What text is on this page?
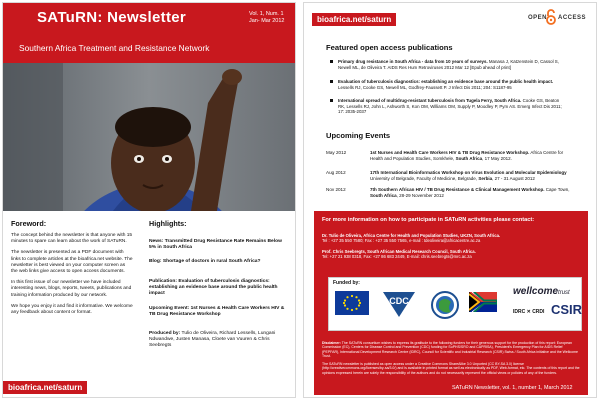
SATuRN: Newsletter	Vol. 1, Num. 1
Jan- Mar 2012
Southern Africa Treatment and Resistance Network
Foreword:

The concept behind the newsletter is that anyone with 15 minutes to spare can learn about the work of SATuRN.

The newsletter is presented as a PDF document with links to complete articles at the bioafrica.net website. The newsletter is best viewed on your computer screen as the web links give access to open access documents.

In this first issue of our newsletter we have included interesting news, blogs, reports, tweets, publications and training information produced by our network.

We hope you enjoy it and find it informative. We welcome any feedback about content or format.

Highlights:
News: Transmitted Drug Resistance Rate Remains Below 5% in South Africa
Blog: Shortage of doctors in rural South Africa?
Publication: Evaluation of tuberculosis diagnostics: establishing an evidence base around the public health impact
Upcoming Event: 1st Nurses & Health Care Workers HIV & TB Drug Resistance Workshop
Produced by: Tulio de Oliveira, Richard Lessells, Lungani Ndwandwe, Justen Manasa, Cloete van Vuuren & Chris Seebregts
bioafrica.net/saturn
bioafrica.net/saturn	OPEN ACCESS
Featured open access publications
Primary drug resistance in South Africa - data from 10 years of surveys. Manasa J, Katzenstein D, Cassol S, Newell ML, de Oliveira T. AIDS Res Hum Retroviruses 2012 Mar 12 [Epub ahead of print]
Evaluation of tuberculosis diagnostics: establishing an evidence base around the public health impact. Lessells RJ, Cooke GS, Newell ML, Godfrey-Faussett P. J Infect Dis 2011; 204: S1187-95
International spread of multidrug-resistant tuberculosis from Tugela Ferry, South Africa. Cooke GS, Beaton RK, Lessells RJ, John L, Ashworth S, Kon OM, Williams OM, Supply P, Moodley P, Pym AS. Emerg Infect Dis 2011; 17: 2035-2037
Upcoming Events
May 2012	1st Nurses and Health Care Workers HIV & TB Drug Resistance Workshop. Africa Centre for Health and Population Studies, Somkhele, South Africa, 17 May 2012.
Aug 2012	17th International Bioinformatics Workshop on Virus Evolution and Molecular Epidemiology University of Belgrade, Faculty of Medicine, Belgrade, Serbia, 27 - 31 August 2012
Nov 2012	7th Southern African HIV / TB Drug Resistance & Clinical Management Workshop. Cape Town, South Africa, 28-29 November 2012
For more information on how to participate in SATuRN activities please contact:
Dr. Tulio de Oliveira, Africa Centre for Health and Population Studies, UKZN, South Africa.
Tel : +27 35 550 7580; Fax : +27 35 550 7565, e-mail : tdeoliveira@africacentre.ac.za
Prof. Chris Seebregts, South African Medical Research Council, South Africa.
Tel: +27 21 938 0318, Fax: +27 86 683 2449, E-mail: chris.seebregts@mrc.ac.za
Funded by:
CDC
wellcometrust
IDRC ✕ CRDI CSIR
Disclaimer: The SATuRN consortium wishes to express its gratitude to the following funders for their generous support for the production of this report: European Commission (EC), Centers for Disease Control and Prevention (CDC) funding for SuPHS/SRO and CAPRISA), President's Emergency Plan for AIDS Relief (PEPFAR), International Development Research Centre (IDRC), Council for Scientific and Industrial Research (CSIR) Swiss / South Africa initiative and the Wellcome Trust.
The SATuRN newsletter is published as open access under a Creative Commons ShareAlike 3.0 Unported (CC BY-SA 3.0) license (http://creativecommons.org/licenses/by-sa/3.0/) and is available in printed format as well as electronically as PDF, Web-format, etc. The contents of this report and the opinions expressed herein are solely the responsibility of the authors and do not necessarily represent the official views or policies of any of the funders.
SATuRN Newsletter, vol. 1, number 1, March 2012
